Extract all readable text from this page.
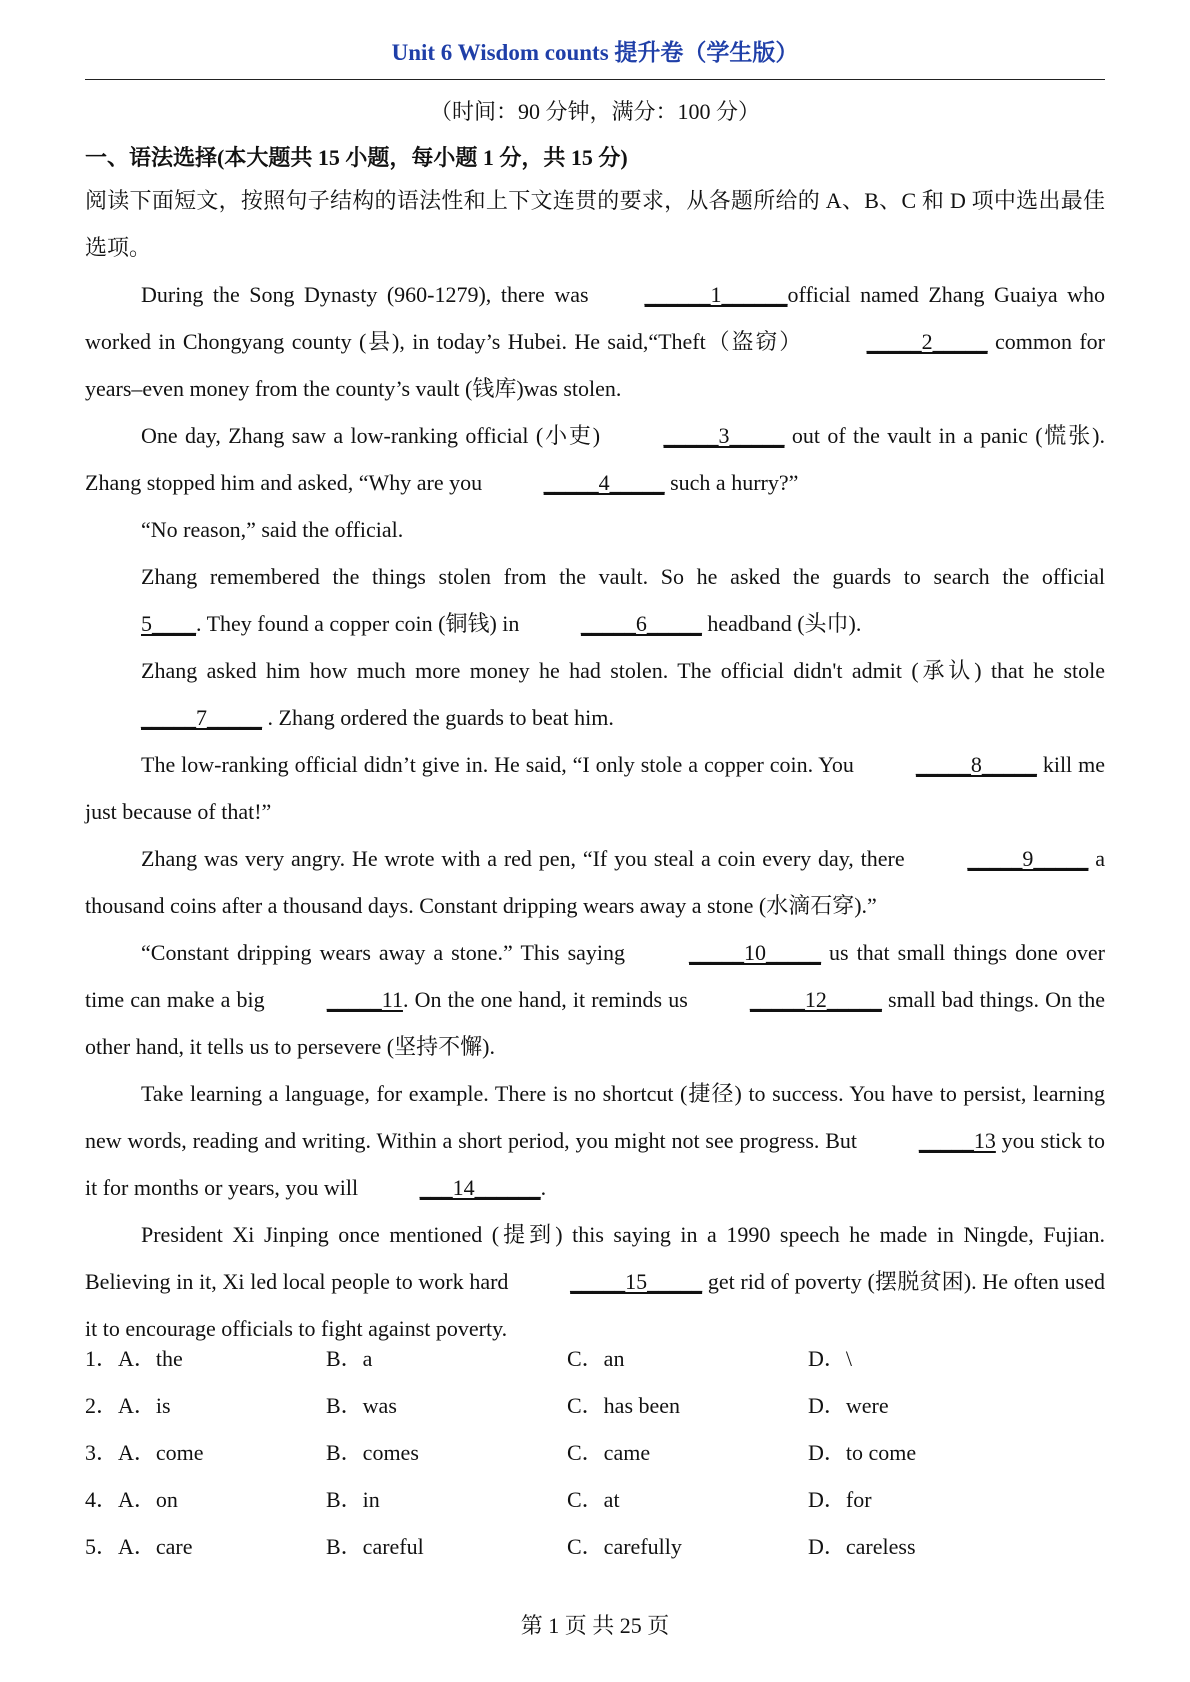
Unit 6 Wisdom counts 提升卷（学生版）
（时间：90 分钟，满分：100 分）
一、语法选择(本大题共 15 小题，每小题 1 分，共 15 分)

阅读下面短文，按照句子结构的语法性和上下文连贯的要求，从各题所给的 A、B、C 和 D 项中选出最佳选项。

During the Song Dynasty (960-1279), there was	______1______official named Zhang Guaiya who worked in Chongyang county (县), in today’s Hubei. He said,“Theft（盗窃）	_____2_____ common for years–even money from the county’s vault (钱库)was stolen.

One day, Zhang saw a low-ranking official (小吏)	_____3_____ out of the vault in a panic (慌张). Zhang stopped him and asked, “Why are you	_____4_____ such a hurry?”

“No reason,” said the official.

Zhang remembered the things stolen from the vault. So he asked the guards to search the official 5____. They found a copper coin (铜钱) in	_____6_____ headband (头巾).

Zhang asked him how much more money he had stolen. The official didn't admit (承认) that he stole _____7_____ . Zhang ordered the guards to beat him.

The low-ranking official didn’t give in. He said, “I only stole a copper coin. You	_____8_____ kill me just because of that!”

Zhang was very angry. He wrote with a red pen, “If you steal a coin every day, there	_____9_____ a thousand coins after a thousand days. Constant dripping wears away a stone (水滴石穿).”

“Constant dripping wears away a stone.” This saying	_____10_____ us that small things done over time can make a big	_____11. On the one hand, it reminds us	_____12_____ small bad things. On the other hand, it tells us to persevere (坚持不懈).

Take learning a language, for example. There is no shortcut (捷径) to success. You have to persist, learning new words, reading and writing. Within a short period, you might not see progress. But	_____13 you stick to it for months or years, you will	___14______.

President Xi Jinping once mentioned (提到) this saying in a 1990 speech he made in Ningde, Fujian. Believing in it, Xi led local people to work hard	_____15_____ get rid of poverty (摆脱贫困). He often used it to encourage officials to fight against poverty.

1．A．the	B．a	C．an	D．\
2．A．is	B．was	C．has been	D．were
3．A．come	B．comes	C．came	D．to come
4．A．on	B．in	C．at	D．for
5．A．care	B．careful	C．carefully	D．careless
第 1 页 共 25 页
